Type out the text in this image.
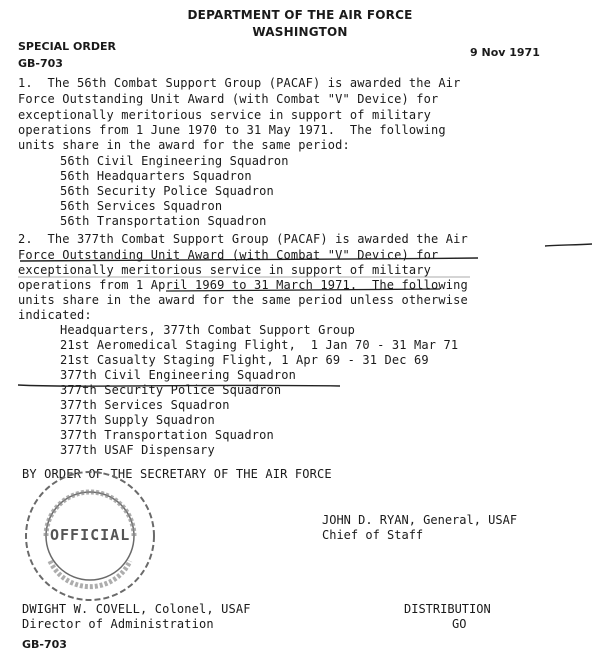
DEPARTMENT OF THE AIR FORCE
WASHINGTON
SPECIAL ORDER
GB-703
9 Nov 1971
1.  The 56th Combat Support Group (PACAF) is awarded the Air
Force Outstanding Unit Award (with Combat "V" Device) for
exceptionally meritorious service in support of military
operations from 1 June 1970 to 31 May 1971.  The following
units share in the award for the same period:
56th Civil Engineering Squadron
56th Headquarters Squadron
56th Security Police Squadron
56th Services Squadron
56th Transportation Squadron
2.  The 377th Combat Support Group (PACAF) is awarded the Air
Force Outstanding Unit Award (with Combat "V" Device) for
exceptionally meritorious service in support of military
operations from 1 April 1969 to 31 March 1971.  The following
units share in the award for the same period unless otherwise
indicated:
Headquarters, 377th Combat Support Group
21st Aeromedical Staging Flight,  1 Jan 70 - 31 Mar 71
21st Casualty Staging Flight, 1 Apr 69 - 31 Dec 69
377th Civil Engineering Squadron
377th Security Police Squadron
377th Services Squadron
377th Supply Squadron
377th Transportation Squadron
377th USAF Dispensary
BY ORDER OF THE SECRETARY OF THE AIR FORCE
JOHN D. RYAN, General, USAF
Chief of Staff
OFFICIAL
DWIGHT W. COVELL, Colonel, USAF
Director of Administration
DISTRIBUTION
GO
GB-703
